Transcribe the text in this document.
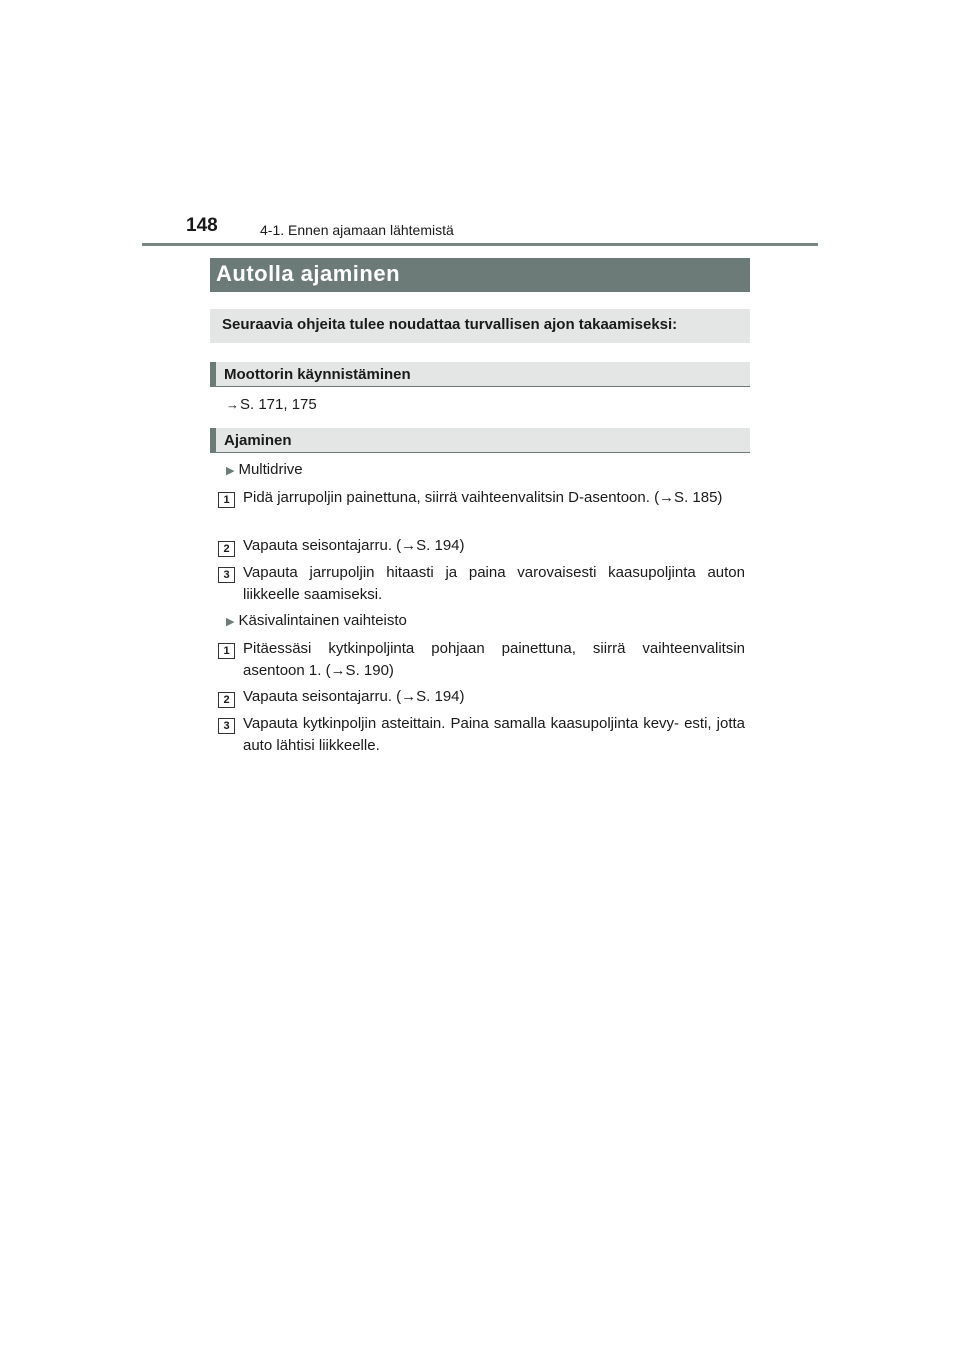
148	4-1. Ennen ajamaan lähtemistä
Autolla ajaminen
Seuraavia ohjeita tulee noudattaa turvallisen ajon takaamiseksi:
Moottorin käynnistäminen
→S. 171, 175
Ajaminen
▶ Multidrive
1 Pidä jarrupoljin painettuna, siirrä vaihteenvalitsin D-asentoon. (→S. 185)
2 Vapauta seisontajarru. (→S. 194)
3 Vapauta jarrupoljin hitaasti ja paina varovaisesti kaasupoljinta auton liikkeelle saamiseksi.
▶ Käsivalintainen vaihteisto
1 Pitäessäsi kytkinpoljinta pohjaan painettuna, siirrä vaihteenvalitsin asentoon 1. (→S. 190)
2 Vapauta seisontajarru. (→S. 194)
3 Vapauta kytkinpoljin asteittain. Paina samalla kaasupoljinta kevy- esti, jotta auto lähtisi liikkeelle.
